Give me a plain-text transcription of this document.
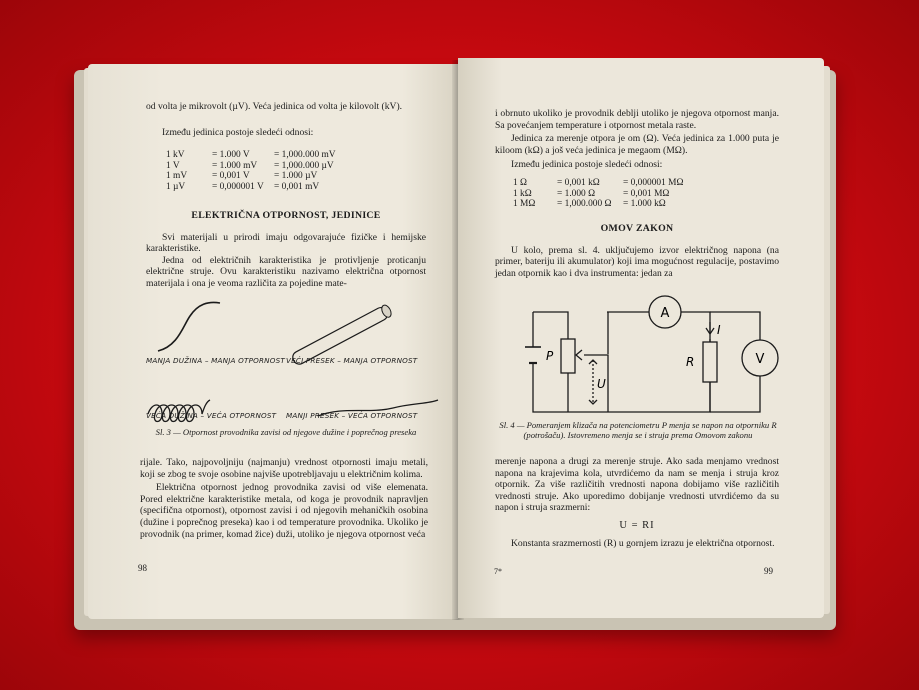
od volta je mikrovolt (µV). Veća jedinica od volta je kilovolt (kV).

Između jedinica postoje sledeći odnosi:

1 kV	= 1.000 V	= 1,000.000 mV
1 V	= 1.000 mV	= 1,000.000 µV
1 mV	= 0,001 V	= 1.000 µV
1 µV	= 0,000001 V	= 0,001 mV

ELEKTRIČNA OTPORNOST, JEDINICE

Svi materijali u prirodi imaju odgovarajuće fizičke i hemijske karakteristike.

Jedna od električnih karakteristika je protivljenje proticanju električne struje. Ovu karakteristiku nazivamo električna otpornost materijala i ona je veoma različita za pojedine mate-

MANJA DUŽINA – MANJA OTPORNOST VEĆI PRESEK – MANJA OTPORNOST
VEĆA DUŽINA – VEĆA OTPORNOST MANJI PRESEK – VEĆA OTPORNOST
Sl. 3 — Otpornost provodnika zavisi od njegove dužine i poprečnog preseka

rijale. Tako, najpovoljniju (najmanju) vrednost otpornosti imaju metali, koji se zbog te svoje osobine najviše upotrebljavaju u električnim kolima.

Električna otpornost jednog provodnika zavisi od više elemenata. Pored električne karakteristike metala, od koga je provodnik napravljen (specifična otpornost), otpornost zavisi i od njegovih mehaničkih osobina (dužine i poprečnog preseka) kao i od temperature provodnika. Ukoliko je provodnik (na primer, komad žice) duži, utoliko je njegova otpornost veća

98

i obrnuto ukoliko je provodnik deblji utoliko je njegova otpornost manja. Sa povećanjem temperature i otpornost metala raste.

Jedinica za merenje otpora je om (Ω). Veća jedinica za 1.000 puta je kiloom (kΩ) a još veća jedinica je megaom (MΩ).

Između jedinica postoje sledeći odnosi:

1 Ω	= 0,001 kΩ	= 0,000001 MΩ
1 kΩ	= 1.000 Ω	= 0,001 MΩ
1 MΩ	= 1,000.000 Ω	= 1.000 kΩ

OMOV ZAKON

U kolo, prema sl. 4. uključujemo izvor električnog napona (na primer, bateriju ili akumulator) koji ima mogućnost regulacije, postavimo jedan otpornik kao i dva instrumenta: jedan za

A
V
P	R
I
U
Sl. 4 — Pomeranjem klizača na potenciometru P menja se napon na otporniku R (potrošaču). Istovremeno menja se i struja prema Omovom zakonu

merenje napona a drugi za merenje struje. Ako sada menjamo vrednost napona na krajevima kola, utvrdićemo da nam se menja i struja kroz otpornik. Za više različitih vrednosti napona dobijamo više različitih vrednosti struje. Ako uporedimo dobijanje vrednosti utvrdićemo da su napon i struja srazmerni:

U = RI

Konstanta srazmernosti (R) u gornjem izrazu je električna otpornost.

7*	99
